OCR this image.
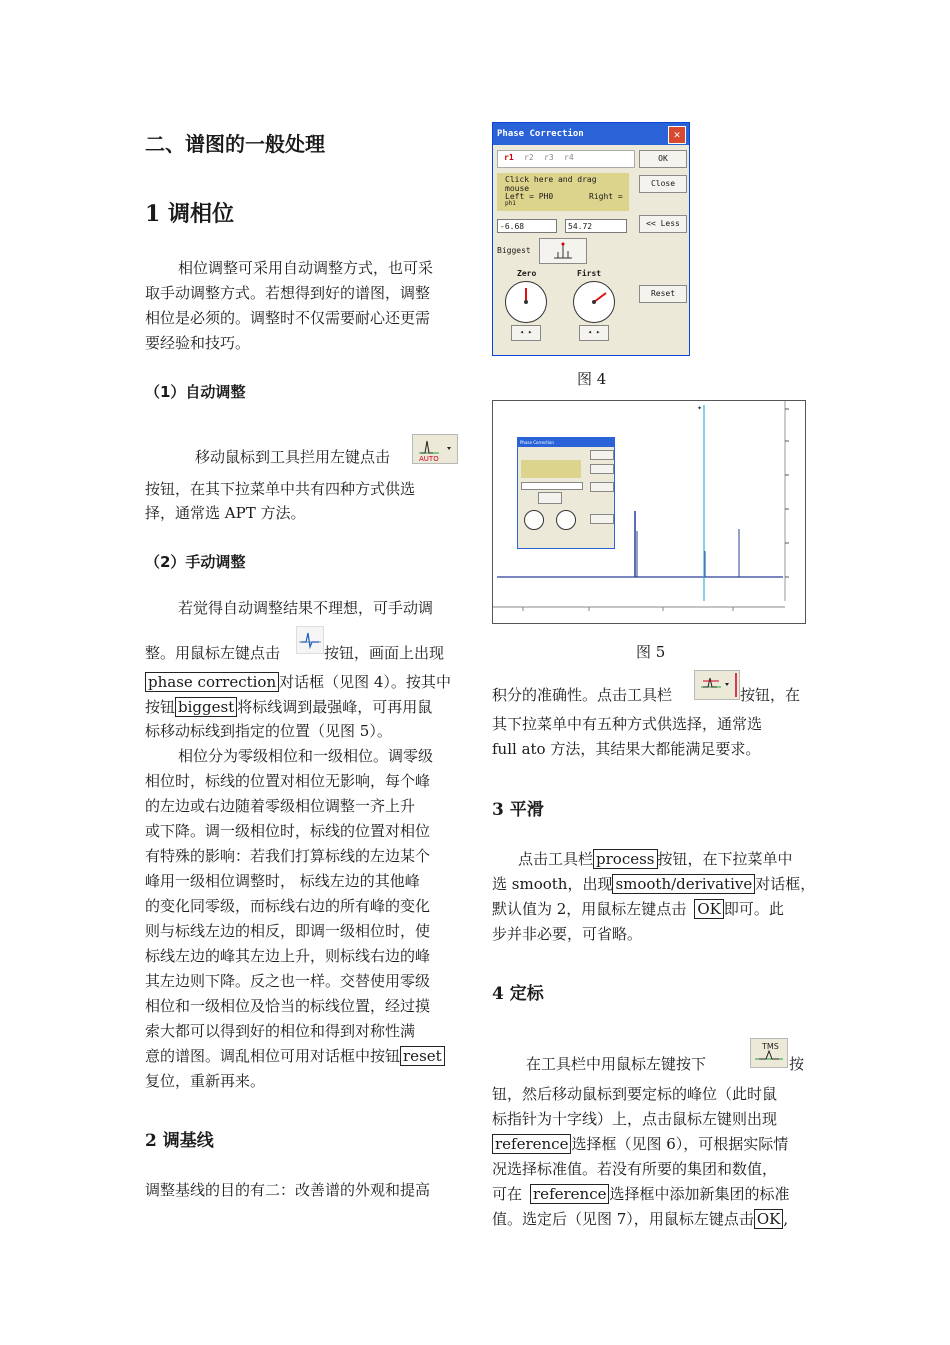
二、谱图的一般处理
1 调相位
相位调整可采用自动调整方式，也可采
取手动调整方式。若想得到好的谱图，调整
相位是必须的。调整时不仅需要耐心还更需
要经验和技巧。
（1）自动调整
移动鼠标到工具拦用左键点击	AUTO
按钮，在其下拉菜单中共有四种方式供选
择，通常选 APT 方法。
（2）手动调整
若觉得自动调整结果不理想，可手动调
整。用鼠标左键点击	按钮，画面上出现
phase correction 对话框（见图 4）。按其中
按钮 biggest 将标线调到最强峰，可再用鼠
标移动标线到指定的位置（见图 5）。
相位分为零级相位和一级相位。调零级
相位时，标线的位置对相位无影响，每个峰
的左边或右边随着零级相位调整一齐上升
或下降。调一级相位时，标线的位置对相位
有特殊的影响：若我们打算标线的左边某个
峰用一级相位调整时， 标线左边的其他峰
的变化同零级，而标线右边的所有峰的变化
则与标线左边的相反，即调一级相位时，使
标线左边的峰其左边上升，则标线右边的峰
其左边则下降。反之也一样。交替使用零级
相位和一级相位及恰当的标线位置，经过摸
索大都可以得到好的相位和得到对称性满
意的谱图。调乱相位可用对话框中按钮 reset
复位，重新再来。
2 调基线
调整基线的目的有二：改善谱的外观和提高
Phase Correction	✕
r1 r2 r3 r4	OK
Click here and drag
mouse
Left = PH0	Right =
ph1
Close
-6.68	54.72	<< Less
Biggest
Zero	First
◂ ▸	◂ ▸
Reset
图 4
✦
Phase Correction
图 5
积分的准确性。点击工具栏	按钮，在
其下拉菜单中有五种方式供选择，通常选
full ato 方法，其结果大都能满足要求。
3 平滑
点击工具栏 process 按钮，在下拉菜单中
选 smooth，出现 smooth/derivative 对话框，
默认值为 2，用鼠标左键点击 OK 即可。此
步并非必要，可省略。
4 定标
在工具栏中用鼠标左键按下
TMS
按
钮，然后移动鼠标到要定标的峰位（此时鼠
标指针为十字线）上，点击鼠标左键则出现
reference 选择框（见图 6），可根据实际情
况选择标准值。若没有所要的集团和数值，
可在 reference 选择框中添加新集团的标准
值。选定后（见图 7），用鼠标左键点击 OK ,
